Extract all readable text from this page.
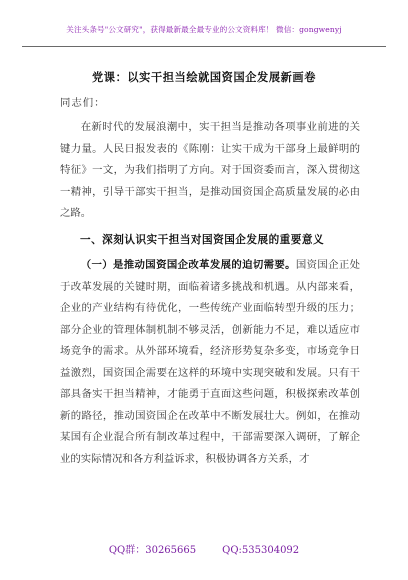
关注头条号"公文研究"，获得最新最全最专业的公文资料库！ 微信：gongwenyj
党课：以实干担当绘就国资国企发展新画卷
同志们：

在新时代的发展浪潮中，实干担当是推动各项事业前进的关键力量。人民日报发表的《陈刚：让实干成为干部身上最鲜明的特征》一文，为我们指明了方向。对于国资委而言，深入贯彻这一精神，引导干部实干担当，是推动国资国企高质量发展的必由之路。

一、深刻认识实干担当对国资国企发展的重要意义

（一）是推动国资国企改革发展的迫切需要。国资国企正处于改革发展的关键时期，面临着诸多挑战和机遇。从内部来看，企业的产业结构有待优化，一些传统产业面临转型升级的压力；部分企业的管理体制机制不够灵活，创新能力不足，难以适应市场竞争的需求。从外部环境看，经济形势复杂多变，市场竞争日益激烈，国资国企需要在这样的环境中实现突破和发展。只有干部具备实干担当精神，才能勇于直面这些问题，积极探索改革创新的路径，推动国资国企在改革中不断发展壮大。例如，在推动某国有企业混合所有制改革过程中，干部需要深入调研，了解企业的实际情况和各方利益诉求，积极协调各方关系，才

QQ群：30265665	QQ:535304092
